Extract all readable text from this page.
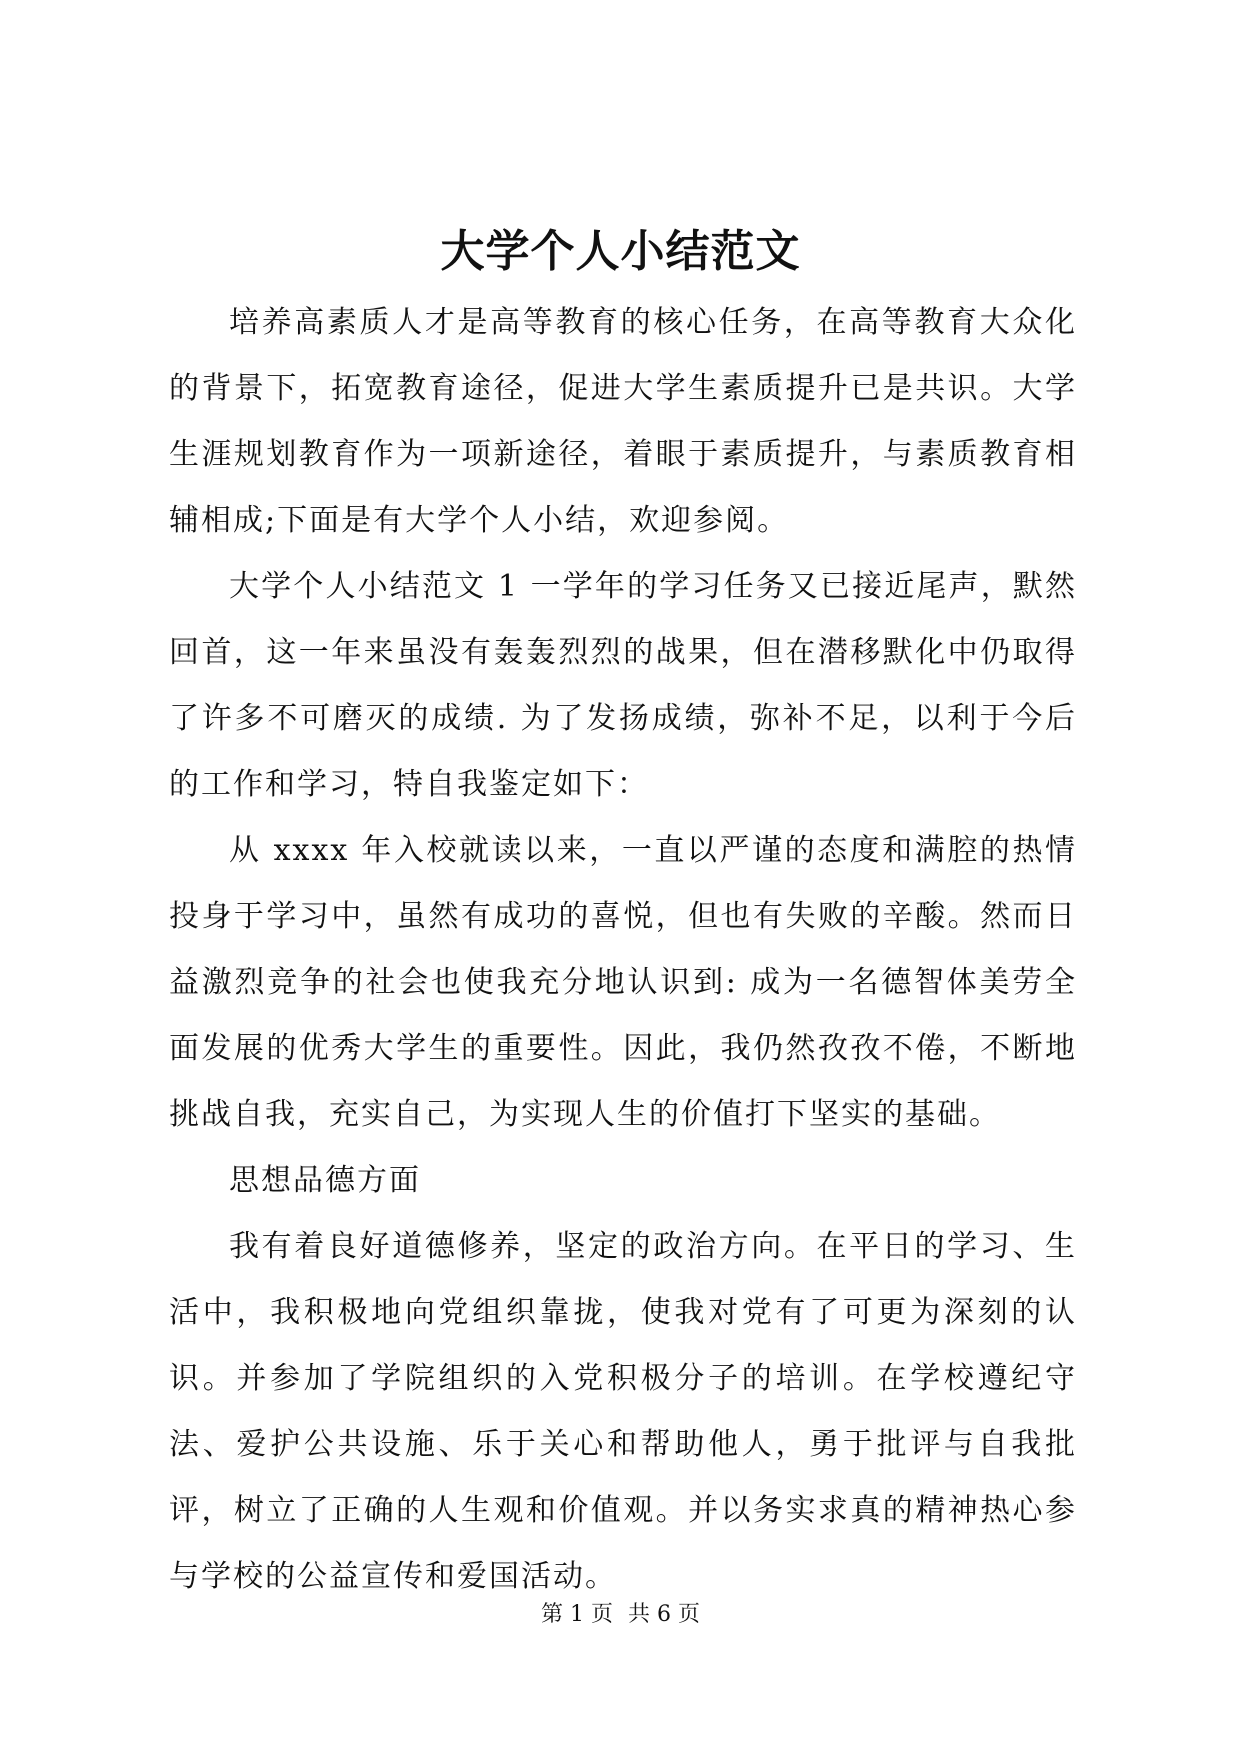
大学个人小结范文

培养高素质人才是高等教育的核心任务，在高等教育大众化的背景下，拓宽教育途径，促进大学生素质提升已是共识。大学生涯规划教育作为一项新途径，着眼于素质提升，与素质教育相辅相成;下面是有大学个人小结，欢迎参阅。

大学个人小结范文 1 一学年的学习任务又已接近尾声，默然回首，这一年来虽没有轰轰烈烈的战果，但在潜移默化中仍取得了许多不可磨灭的成绩. 为了发扬成绩，弥补不足，以利于今后的工作和学习，特自我鉴定如下：

从 xxxx 年入校就读以来，一直以严谨的态度和满腔的热情投身于学习中，虽然有成功的喜悦，但也有失败的辛酸。然而日益激烈竞争的社会也使我充分地认识到: 成为一名德智体美劳全面发展的优秀大学生的重要性。因此，我仍然孜孜不倦，不断地挑战自我，充实自己，为实现人生的价值打下坚实的基础。

思想品德方面

我有着良好道德修养，坚定的政治方向。在平日的学习、生活中，我积极地向党组织靠拢，使我对党有了可更为深刻的认识。并参加了学院组织的入党积极分子的培训。在学校遵纪守法、爱护公共设施、乐于关心和帮助他人，勇于批评与自我批评，树立了正确的人生观和价值观。并以务实求真的精神热心参与学校的公益宣传和爱国活动。

第 1 页 共 6 页
